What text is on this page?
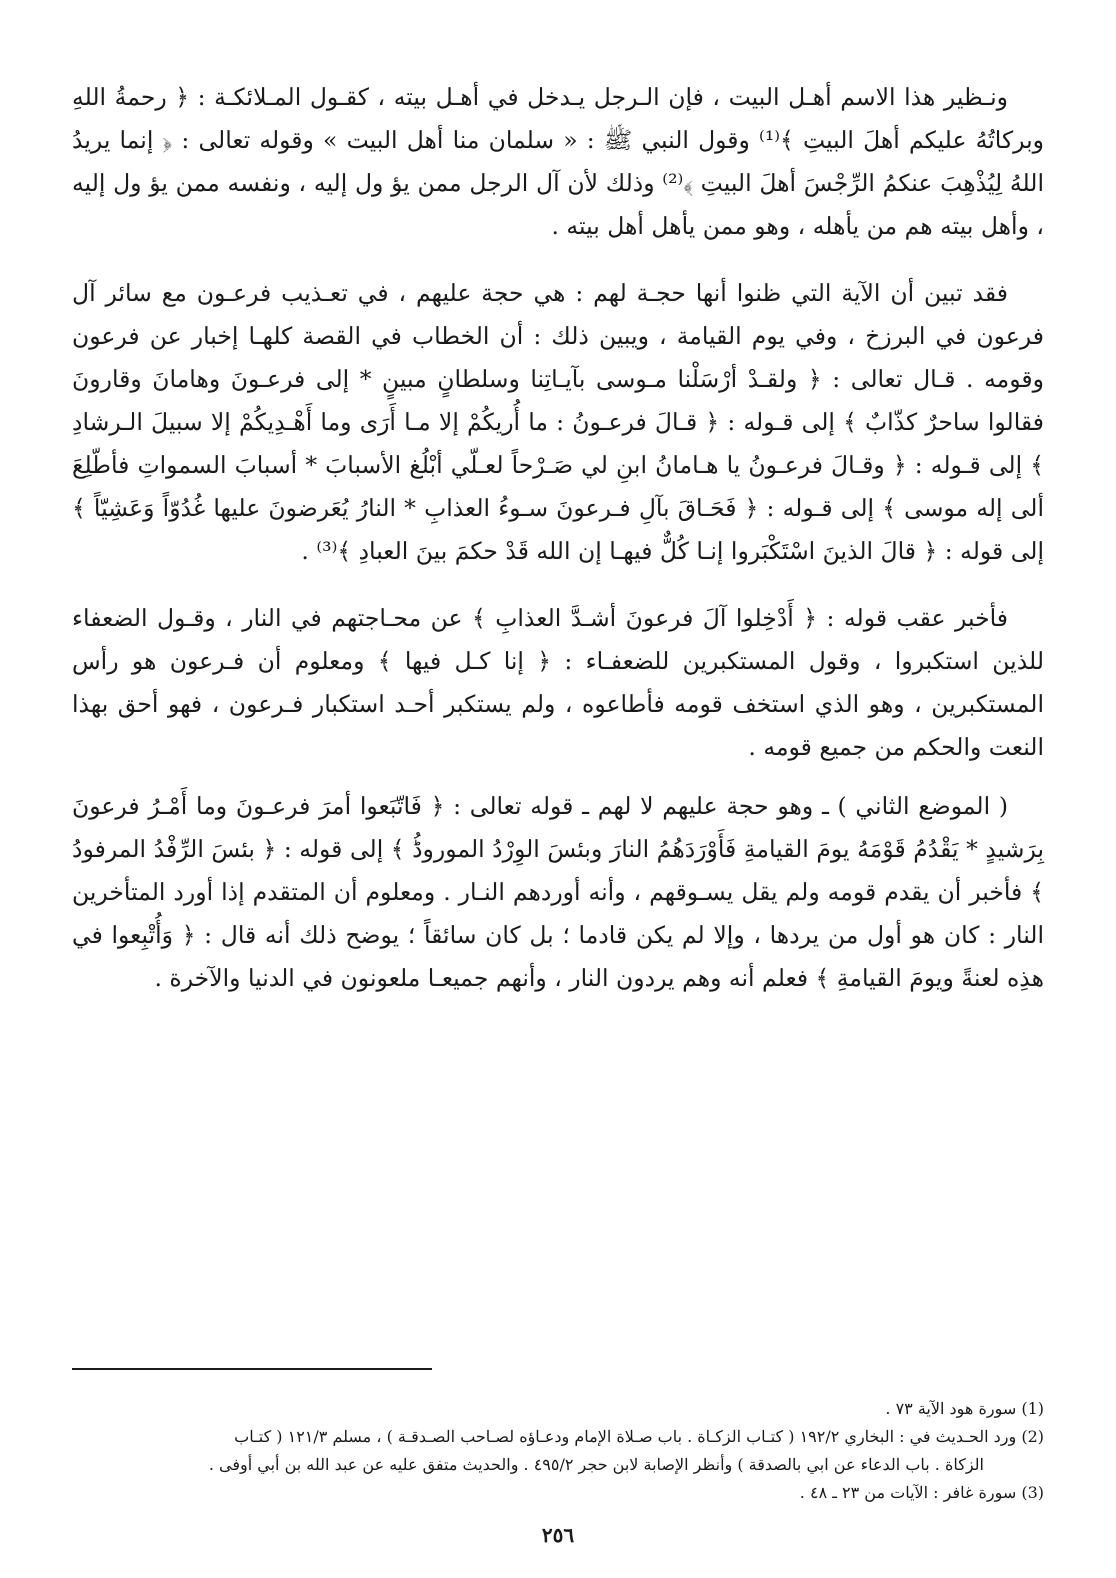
ونـظير هذا الاسم أهـل البيت ، فإن الـرجل يـدخل في أهـل بيته ، كقـول المـلائكـة : ﴿ رحمةُ اللهِ وبركاتُهُ عليكم أهلَ البيتِ ﴾⁽¹⁾ وقول النبي ﷺ : « سلمان منا أهل البيت » وقوله تعالى : ﴿ إنما يريدُ اللهُ لِيُذْهِبَ عنكمُ الرِّجْسَ أهلَ البيتِ ﴾⁽²⁾ وذلك لأن آل الرجل ممن يؤ ول إليه ، ونفسه ممن يؤ ول إليه ، وأهل بيته هم من يأهله ، وهو ممن يأهل أهل بيته .

فقد تبين أن الآية التي ظنوا أنها حجـة لهم : هي حجة عليهم ، في تعـذيب فرعـون مع سائر آل فرعون في البرزخ ، وفي يوم القيامة ، ويبين ذلك : أن الخطاب في القصة كلهـا إخبار عن فرعون وقومه . قـال تعالى : ﴿ ولقـدْ أرْسَلْنا مـوسى بآيـاتِنا وسلطانٍ مبينٍ * إلى فرعـونَ وهامانَ وقارونَ فقالوا ساحرٌ كذّابٌ ﴾ إلى قـوله : ﴿ قـالَ فرعـونُ : ما أُريكُمْ إلا مـا أَرَى وما أَهْـدِيكُمْ إلا سبيلَ الـرشادِ ﴾ إلى قـوله : ﴿ وقـالَ فرعـونُ يا هـامانُ ابنِ لي صَـرْحاً لعـلّي أبْلُغ الأسبابَ * أسبابَ السمواتِ فأطّلِعَ ألى إله موسى ﴾ إلى قـوله : ﴿ فَحَـاقَ بآلِ فـرعونَ سـوءُ العذابِ * النارُ يُعَرضونَ عليها غُدُوّاً وَعَشِيّاً ﴾ إلى قوله : ﴿ قالَ الذينَ اسْتَكْبَروا إنـا كُلٌّ فيهـا إن الله قَدْ حكمَ بينَ العبادِ ﴾⁽³⁾ .

فأخبر عقب قوله : ﴿ أَدْخِلوا آلَ فرعونَ أشـدَّ العذابِ ﴾ عن محـاجتهم في النار ، وقـول الضعفاء للذين استكبروا ، وقول المستكبرين للضعفـاء : ﴿ إنا كـل فيها ﴾ ومعلوم أن فـرعون هو رأس المستكبرين ، وهو الذي استخف قومه فأطاعوه ، ولم يستكبر أحـد استكبار فـرعون ، فهو أحق بهذا النعت والحكم من جميع قومه .

( الموضع الثاني ) ـ وهو حجة عليهم لا لهم ـ قوله تعالى : ﴿ فَاتّبَعوا أمرَ فرعـونَ وما أَمْـرُ فرعونَ بِرَشيدٍ * يَقْدُمُ قَوْمَهُ يومَ القيامةِ فَأَوْرَدَهُمُ النارَ وبئسَ الوِرْدُ الموروڈُ ﴾ إلى قوله : ﴿ بئسَ الرِّفْدُ المرفودُ ﴾ فأخبر أن يقدم قومه ولم يقل يسـوقهم ، وأنه أوردهم النـار . ومعلوم أن المتقدم إذا أورد المتأخرين النار : كان هو أول من يردها ، وإلا لم يكن قادما ؛ بل كان سائقاً ؛ يوضح ذلك أنه قال : ﴿ وَأُتْبِعوا في هذِه لعنةً ويومَ القيامةِ ﴾ فعلم أنه وهم يردون النار ، وأنهم جميعـا ملعونون في الدنيا والآخرة .

(1) سورة هود الآية ٧٣ .

(2) ورد الحـديث في : البخاري ١٩٢/٢ ( كتـاب الزكـاة . باب صـلاة الإمام ودعـاؤه لصـاحب الصـدقـة ) ، مسلم ١٢١/٣ ( كتـاب

الزكاة . باب الدعاء عن ابي بالصدقة ) وأنظر الإصابة لابن حجر ٤٩٥/٢ . والحديث متفق عليه عن عبد الله بن أبي أوفى .

(3) سورة غافر : الآيات من ٢٣ ـ ٤٨ .

٢٥٦
